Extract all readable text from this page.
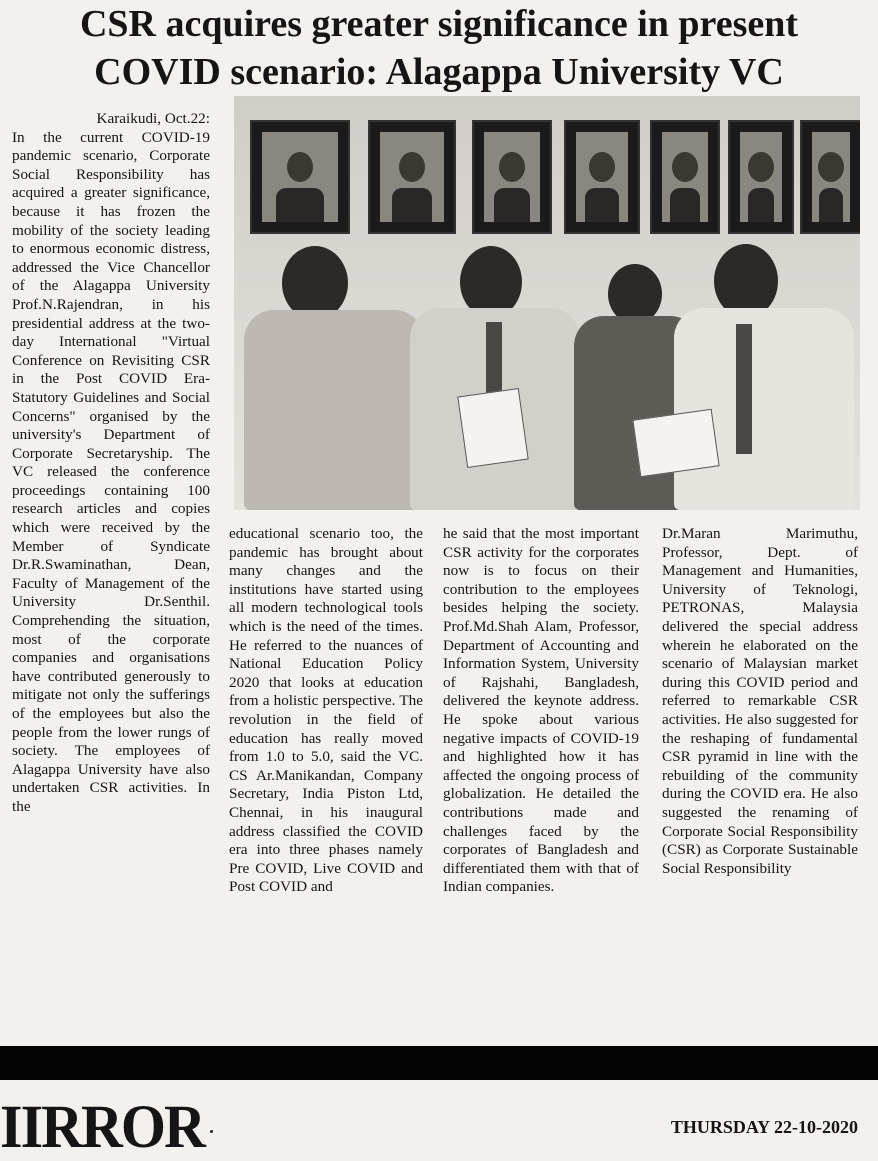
CSR acquires greater significance in present
COVID scenario: Alagappa University VC
Karaikudi, Oct.22:

In the current COVID-19 pandemic scenario, Corporate Social Responsibility has acquired a greater significance, because it has frozen the mobility of the society leading to enormous economic distress, addressed the Vice Chancellor of the Alagappa University Prof.N.Rajendran, in his presidential address at the two-day International "Virtual Conference on Revisiting CSR in the Post COVID Era-Statutory Guidelines and Social Concerns" organised by the university's Department of Corporate Secretaryship. The VC released the conference proceedings containing 100 research articles and copies which were received by the Member of Syndicate Dr.R.Swaminathan, Dean, Faculty of Management of the University Dr.Senthil. Comprehending the situation, most of the corporate companies and organisations have contributed generously to mitigate not only the sufferings of the employees but also the people from the lower rungs of society. The employees of Alagappa University have also undertaken CSR activities. In the

educational scenario too, the pandemic has brought about many changes and the institutions have started using all modern technological tools which is the need of the times. He referred to the nuances of National Education Policy 2020 that looks at education from a holistic perspective. The revolution in the field of education has really moved from 1.0 to 5.0, said the VC. CS Ar.Manikandan, Company Secretary, India Piston Ltd, Chennai, in his inaugural address classified the COVID era into three phases namely Pre COVID, Live COVID and Post COVID and

he said that the most important CSR activity for the corporates now is to focus on their contribution to the employees besides helping the society. Prof.Md.Shah Alam, Professor, Department of Accounting and Information System, University of Rajshahi, Bangladesh, delivered the keynote address. He spoke about various negative impacts of COVID-19 and highlighted how it has affected the ongoing process of globalization. He detailed the contributions made and challenges faced by the corporates of Bangladesh and differentiated them with that of Indian companies.

Dr.Maran Marimuthu, Professor, Dept. of Management and Humanities, University of Teknologi, PETRONAS, Malaysia delivered the special address wherein he elaborated on the scenario of Malaysian market during this COVID period and referred to remarkable CSR activities. He also suggested for the reshaping of fundamental CSR pyramid in line with the rebuilding of the community during the COVID era. He also suggested the renaming of Corporate Social Responsibility (CSR) as Corporate Sustainable Social Responsibility

IIRROR	THURSDAY 22-10-2020
